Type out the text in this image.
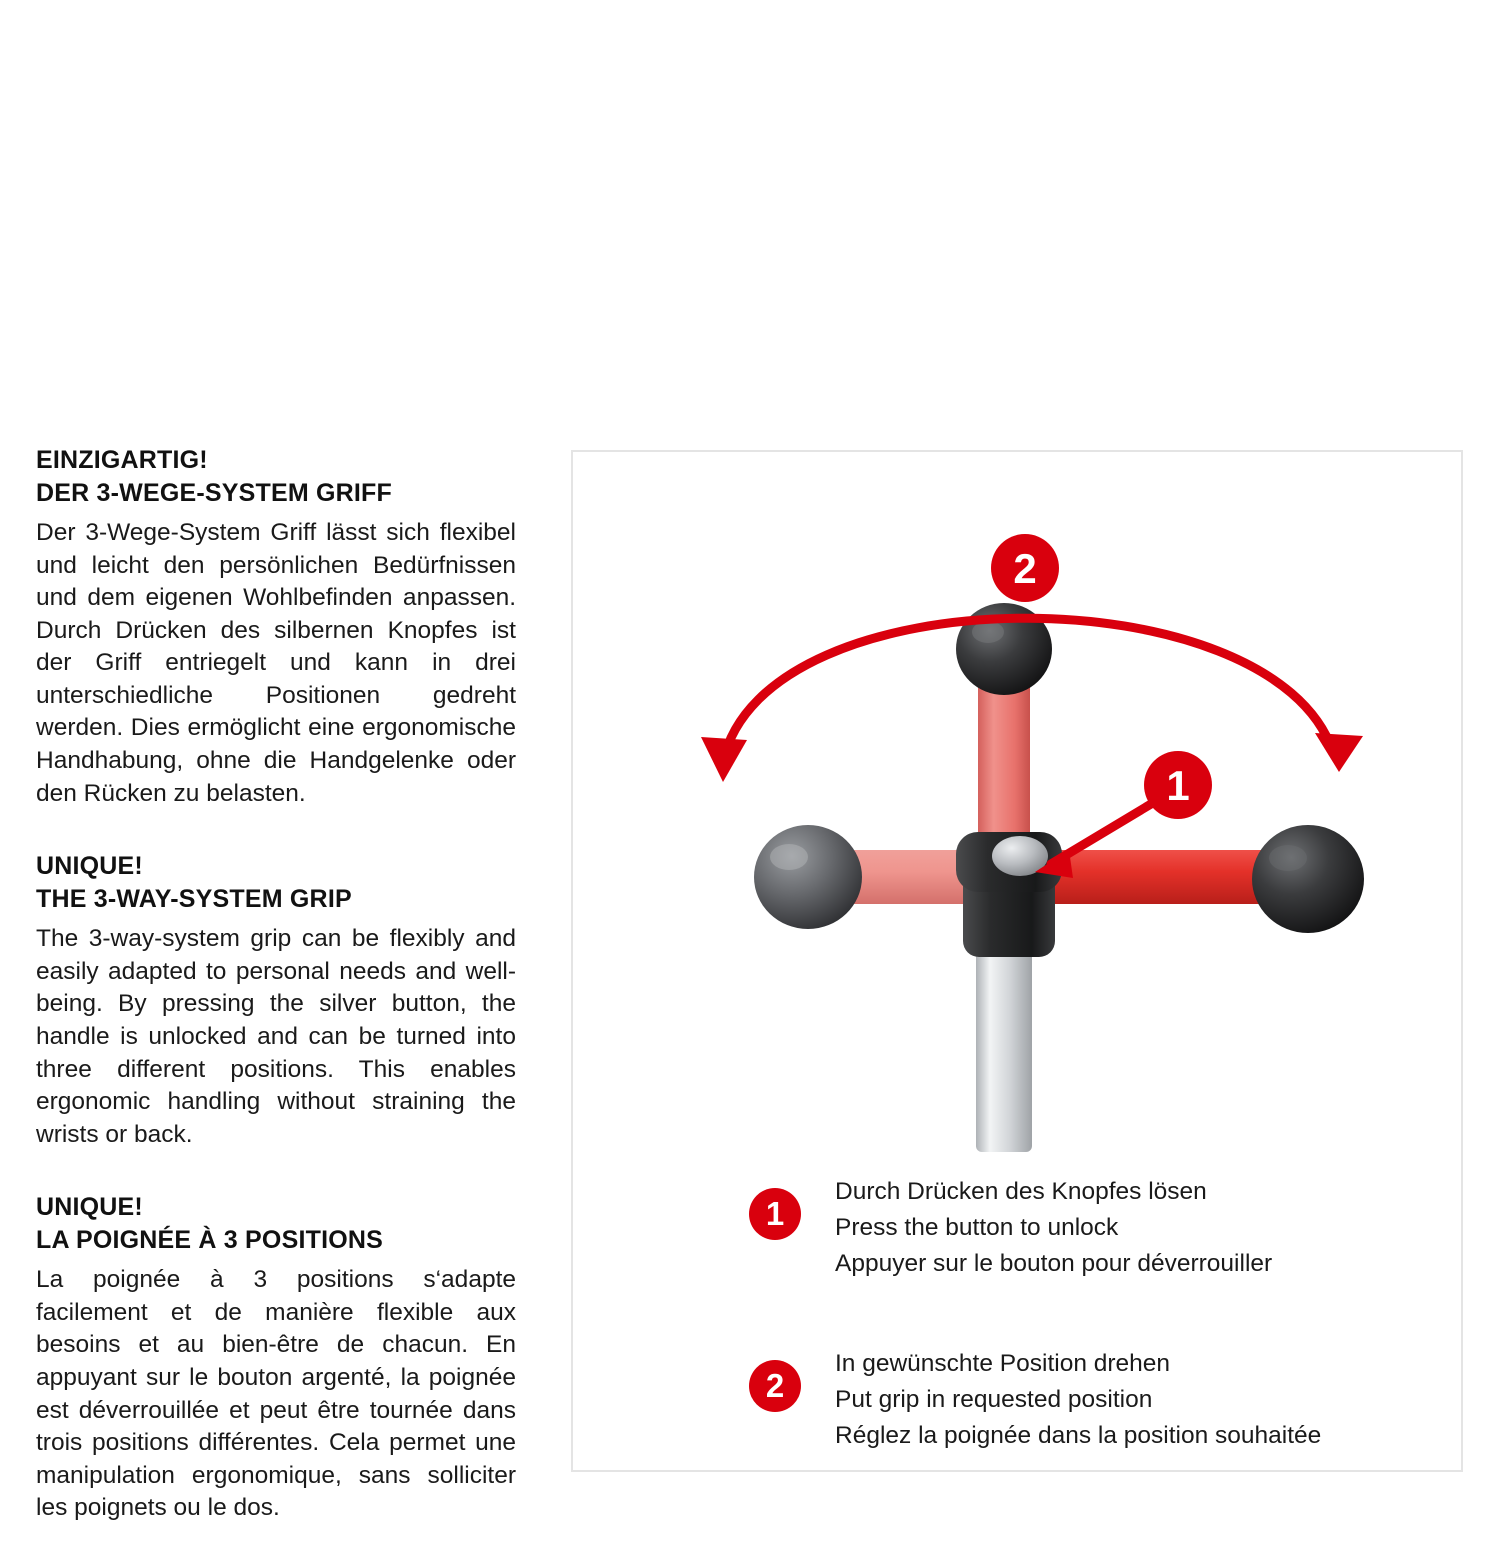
EINZIGARTIG!
DER 3-WEGE-SYSTEM GRIFF

Der 3-Wege-System Griff lässt sich flexibel und leicht den persönlichen Bedürfnissen und dem eigenen Wohlbefinden anpassen. Durch Drücken des silbernen Knopfes ist der Griff entriegelt und kann in drei unterschiedliche Positionen gedreht werden. Dies ermöglicht eine ergonomische Handhabung, ohne die Handgelenke oder den Rücken zu belasten.

UNIQUE!
THE 3-WAY-SYSTEM GRIP

The 3-way-system grip can be flexibly and easily adapted to personal needs and well-being. By pressing the silver button, the handle is unlocked and can be turned into three different positions. This enables ergonomic handling without straining the wrists or back.

UNIQUE!
LA POIGNÉE À 3 POSITIONS

La poignée à 3 positions s‘adapte facilement et de manière flexible aux besoins et au bien-être de chacun. En appuyant sur le bouton argenté, la poignée est déverrouillée et peut être tournée dans trois positions différentes. Cela permet une manipulation ergonomique, sans solliciter les poignets ou le dos.

2
1
1
Durch Drücken des Knopfes lösen
Press the button to unlock
Appuyer sur le bouton pour déverrouiller
2
In gewünschte Position drehen
Put grip in requested position
Réglez la poignée dans la position souhaitée
